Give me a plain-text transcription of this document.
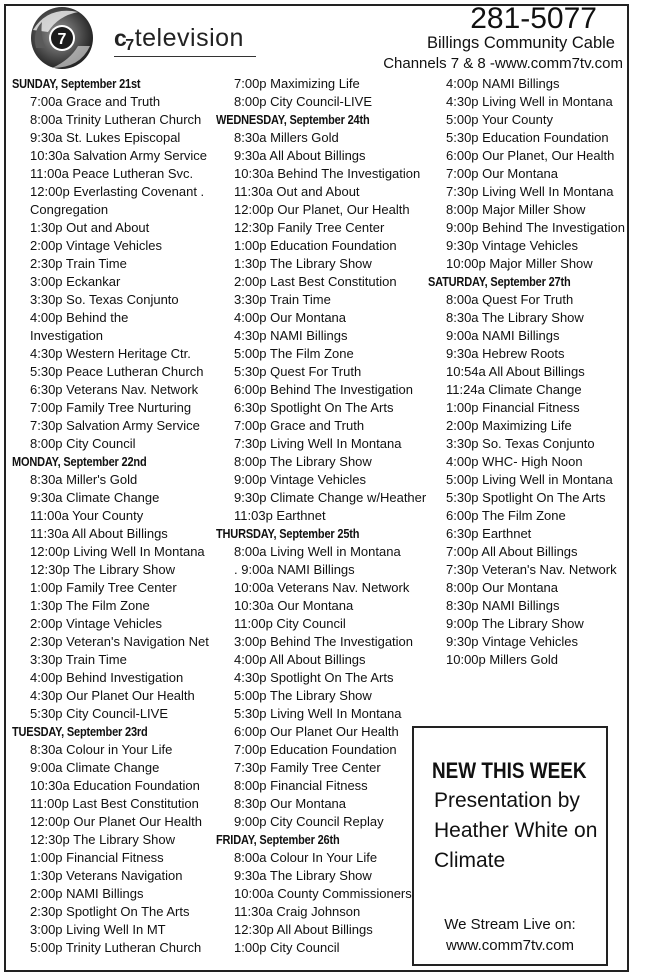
7 $c_7television$
281-5077
Billings Community Cable
Channels 7 & 8 -www.comm7tv.com
SUNDAY, September 21st
7:00a Grace and Truth
8:00a Trinity Lutheran Church
9:30a St. Lukes Episcopal
10:30a Salvation Army Service
11:00a Peace Lutheran Svc.
12:00p Everlasting Covenant .
Congregation
1:30p Out and About
2:00p Vintage Vehicles
2:30p Train Time
3:00p Eckankar
3:30p So. Texas Conjunto
4:00p Behind the
Investigation
4:30p Western Heritage Ctr.
5:30p Peace Lutheran Church
6:30p Veterans Nav. Network
7:00p Family Tree Nurturing
7:30p Salvation Army Service
8:00p City Council
MONDAY, September 22nd
8:30a Miller's Gold
9:30a Climate Change
11:00a Your County
11:30a All About Billings
12:00p Living Well In Montana
12:30p The Library Show
1:00p Family Tree Center
1:30p The Film Zone
2:00p Vintage Vehicles
2:30p Veteran's Navigation Net
3:30p Train Time
4:00p Behind Investigation
4:30p Our Planet Our Health
5:30p City Council-LIVE
TUESDAY, September 23rd
8:30a Colour in Your Life
9:00a Climate Change
10:30a Education Foundation
11:00p Last Best Constitution
12:00p Our Planet Our Health
12:30p The Library Show
1:00p Financial Fitness
1:30p Veterans Navigation
2:00p NAMI Billings
2:30p Spotlight On The Arts
3:00p Living Well In MT
5:00p Trinity Lutheran Church
7:00p Maximizing Life
8:00p City Council-LIVE
WEDNESDAY, September 24th
8:30a Millers Gold
9:30a All About Billings
10:30a Behind The Investigation
11:30a Out and About
12:00p Our Planet, Our Health
12:30p Fanily Tree Center
1:00p Education Foundation
1:30p The Library Show
2:00p Last Best Constitution
3:30p Train Time
4:00p Our Montana
4:30p NAMI Billings
5:00p The Film Zone
5:30p Quest For Truth
6:00p Behind The Investigation
6:30p Spotlight On The Arts
7:00p Grace and Truth
7:30p Living Well In Montana
8:00p The Library Show
9:00p Vintage Vehicles
9:30p Climate Change w/Heather
11:03p Earthnet
THURSDAY, September 25th
8:00a Living Well in Montana
. 9:00a NAMI Billings
10:00a Veterans Nav. Network
10:30a Our Montana
11:00p City Council
3:00p Behind The Investigation
4:00p All About Billings
4:30p Spotlight On The Arts
5:00p The Library Show
5:30p Living Well In Montana
6:00p Our Planet Our Health
7:00p Education Foundation
7:30p Family Tree Center
8:00p Financial Fitness
8:30p Our Montana
9:00p City Council Replay
FRIDAY, September 26th
8:00a Colour In Your Life
9:30a The Library Show
10:00a County Commissioners
11:30a Craig Johnson
12:30p All About Billings
1:00p City Council
4:00p NAMI Billings
4:30p Living Well in Montana
5:00p Your County
5:30p Education Foundation
6:00p Our Planet, Our Health
7:00p Our Montana
7:30p Living Well In Montana
8:00p Major Miller Show
9:00p Behind The Investigation
9:30p Vintage Vehicles
10:00p Major Miller Show
SATURDAY, September 27th
8:00a Quest For Truth
8:30a The Library Show
9:00a NAMI Billings
9:30a Hebrew Roots
10:54a All About Billings
11:24a Climate Change
1:00p Financial Fitness
2:00p Maximizing Life
3:30p So. Texas Conjunto
4:00p WHC- High Noon
5:00p Living Well in Montana
5:30p Spotlight On The Arts
6:00p The Film Zone
6:30p Earthnet
7:00p All About Billings
7:30p Veteran's Nav. Network
8:00p Our Montana
8:30p NAMI Billings
9:00p The Library Show
9:30p Vintage Vehicles
10:00p Millers Gold
NEW THIS WEEK
Presentation by Heather White on Climate
We Stream Live on:
www.comm7tv.com
